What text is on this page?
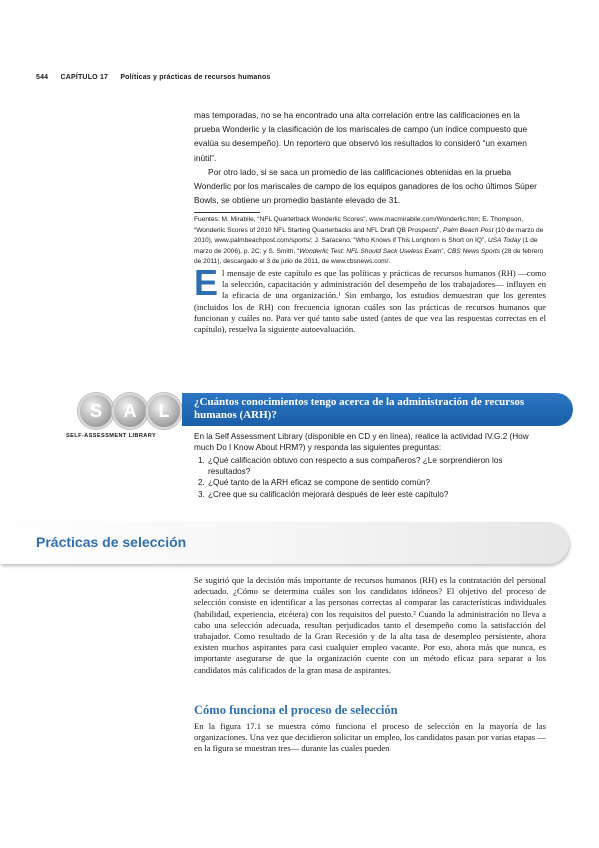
544 CAPÍTULO 17 Políticas y prácticas de recursos humanos

mas temporadas, no se ha encontrado una alta correlación entre las calificaciones en la prueba Wonderlic y la clasificación de los mariscales de campo (un índice compuesto que evalúa su desempeño). Un reportero que observó los resultados lo consideró “un examen inútil”.

Por otro lado, si se saca un promedio de las calificaciones obtenidas en la prueba Wonderlic por los mariscales de campo de los equipos ganadores de los ocho últimos Súper Bowls, se obtiene un promedio bastante elevado de 31.

Fuentes: M. Mirabile, “NFL Quarterback Wonderlic Scores”, www.macmirabile.com/Wonderlic.htm; E. Thompson, “Wonderlic Scores of 2010 NFL Starting Quarterbacks and NFL Draft QB Prospects”, Palm Beach Post (10 de marzo de 2010), www.palmbeachpost.com/sports/; J. Saraceno, “Who Knows if This Longhorn is Short on IQ”, USA Today (1 de marzo de 2006), p. 2C; y S. Smith, “Wonderlic Test: NFL Should Sack Useless Exam”, CBS News Sports (28 de febrero de 2011), descargado el 3 de julio de 2011, de www.cbsnews.com/.

El mensaje de este capítulo es que las políticas y prácticas de recursos humanos (RH) —como la selección, capacitación y administración del desempeño de los trabajadores— influyen en la eficacia de una organización.¹ Sin embargo, los estudios demuestran que los gerentes (incluidos los de RH) con frecuencia ignoran cuáles son las prácticas de recursos humanos que funcionan y cuáles no. Para ver qué tanto sabe usted (antes de que vea las respuestas correctas en el capítulo), resuelva la siguiente autoevaluación.

S	A	L
SELF-ASSESSMENT LIBRARY
¿Cuántos conocimientos tengo acerca de la administración de recursos humanos (ARH)?
En la Self Assessment Library (disponible en CD y en línea), realice la actividad IV.G.2 (How much Do I Know About HRM?) y responda las siguientes preguntas:
1. ¿Qué calificación obtuvo con respecto a sus compañeros? ¿Le sorprendieron los resultados?
2. ¿Qué tanto de la ARH eficaz se compone de sentido común?
3. ¿Cree que su calificación mejorará después de leer este capítulo?
Prácticas de selección

Se sugirió que la decisión más importante de recursos humanos (RH) es la contratación del personal adecuado. ¿Cómo se determina cuáles son los candidatos idóneos? El objetivo del proceso de selección consiste en identificar a las personas correctas al comparar las características individuales (habilidad, experiencia, etcétera) con los requisitos del puesto.² Cuando la administración no lleva a cabo una selección adecuada, resultan perjudicados tanto el desempeño como la satisfacción del trabajador. Como resultado de la Gran Recesión y de la alta tasa de desempleo persistente, ahora existen muchos aspirantes para casi cualquier empleo vacante. Por eso, ahora más que nunca, es importante asegurarse de que la organización cuente con un método eficaz para separar a los candidatos más calificados de la gran masa de aspirantes.

Cómo funciona el proceso de selección

En la figura 17.1 se muestra cómo funciona el proceso de selección en la mayoría de las organizaciones. Una vez que decidieron solicitar un empleo, los candidatos pasan por varias etapas —en la figura se muestran tres— durante las cuales pueden
